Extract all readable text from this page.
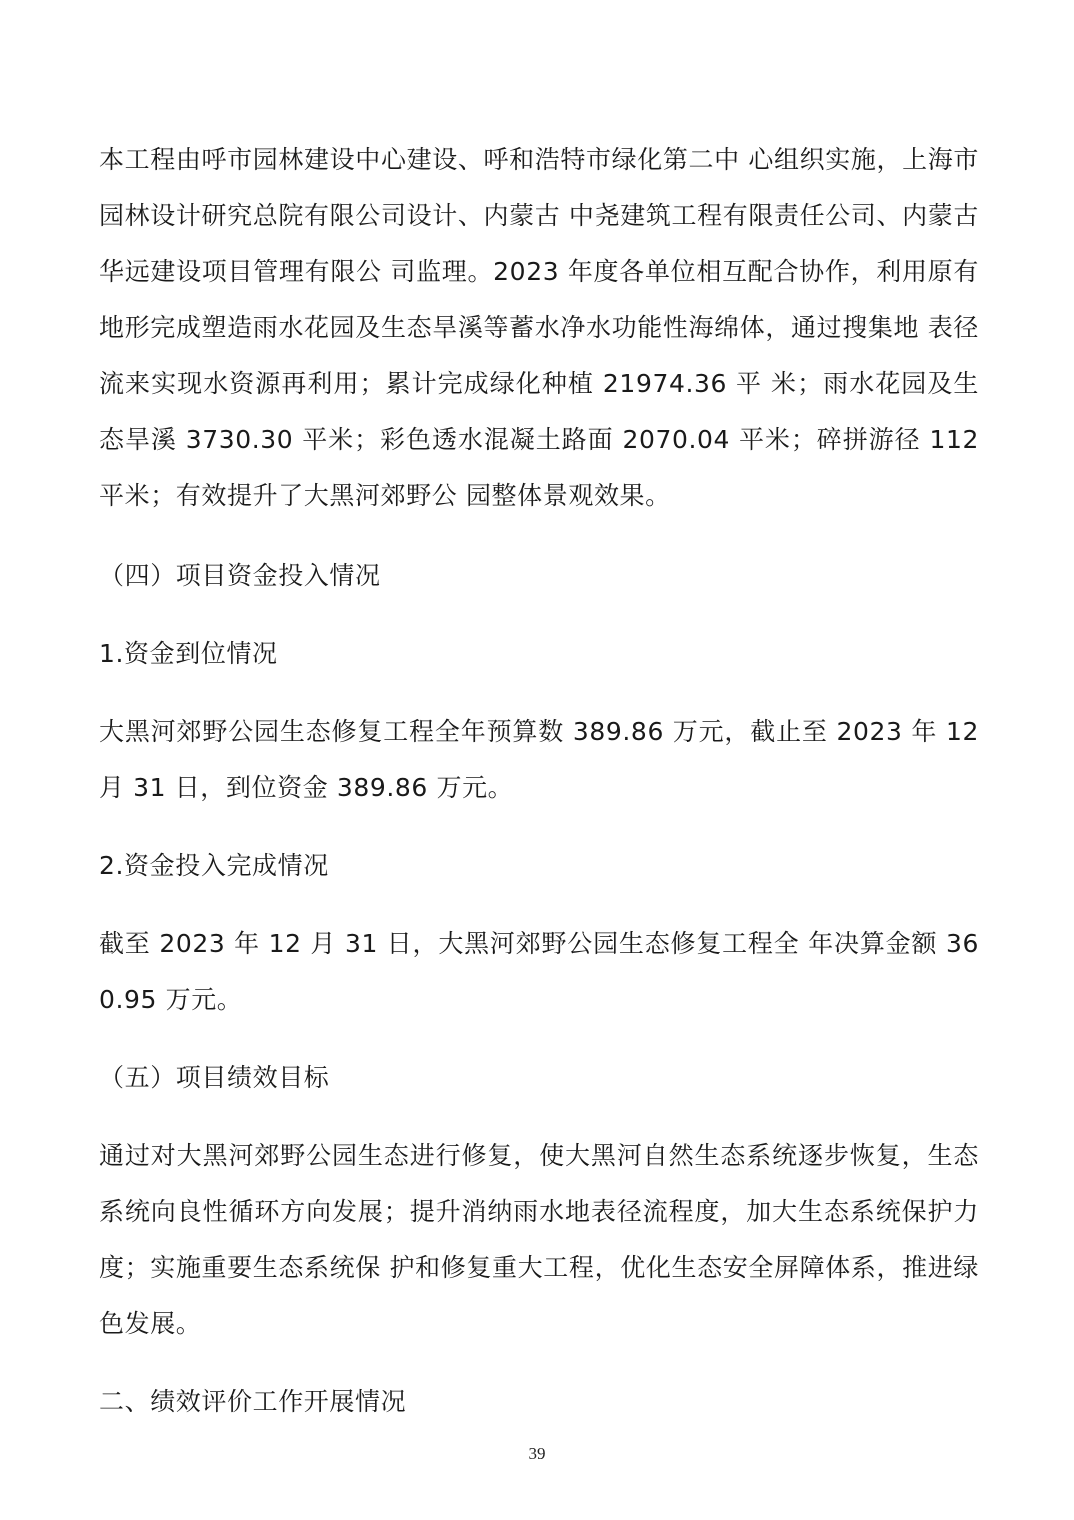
本工程由呼市园林建设中心建设、呼和浩特市绿化第二中 心组织实施，上海市园林设计研究总院有限公司设计、内蒙古 中尧建筑工程有限责任公司、内蒙古华远建设项目管理有限公 司监理。2023 年度各单位相互配合协作，利用原有地形完成塑造雨水花园及生态旱溪等蓄水净水功能性海绵体，通过搜集地 表径流来实现水资源再利用；累计完成绿化种植 21974.36 平 米；雨水花园及生态旱溪 3730.30 平米；彩色透水混凝土路面 2070.04 平米；碎拼游径 112 平米；有效提升了大黑河郊野公 园整体景观效果。

（四）项目资金投入情况

1.资金到位情况

大黑河郊野公园生态修复工程全年预算数 389.86 万元，截止至 2023 年 12 月 31 日，到位资金 389.86 万元。

2.资金投入完成情况

截至 2023 年 12 月 31 日，大黑河郊野公园生态修复工程全 年决算金额 360.95 万元。

（五）项目绩效目标

通过对大黑河郊野公园生态进行修复，使大黑河自然生态系统逐步恢复，生态系统向良性循环方向发展；提升消纳雨水地表径流程度，加大生态系统保护力度；实施重要生态系统保 护和修复重大工程，优化生态安全屏障体系，推进绿色发展。

二、绩效评价工作开展情况

39
